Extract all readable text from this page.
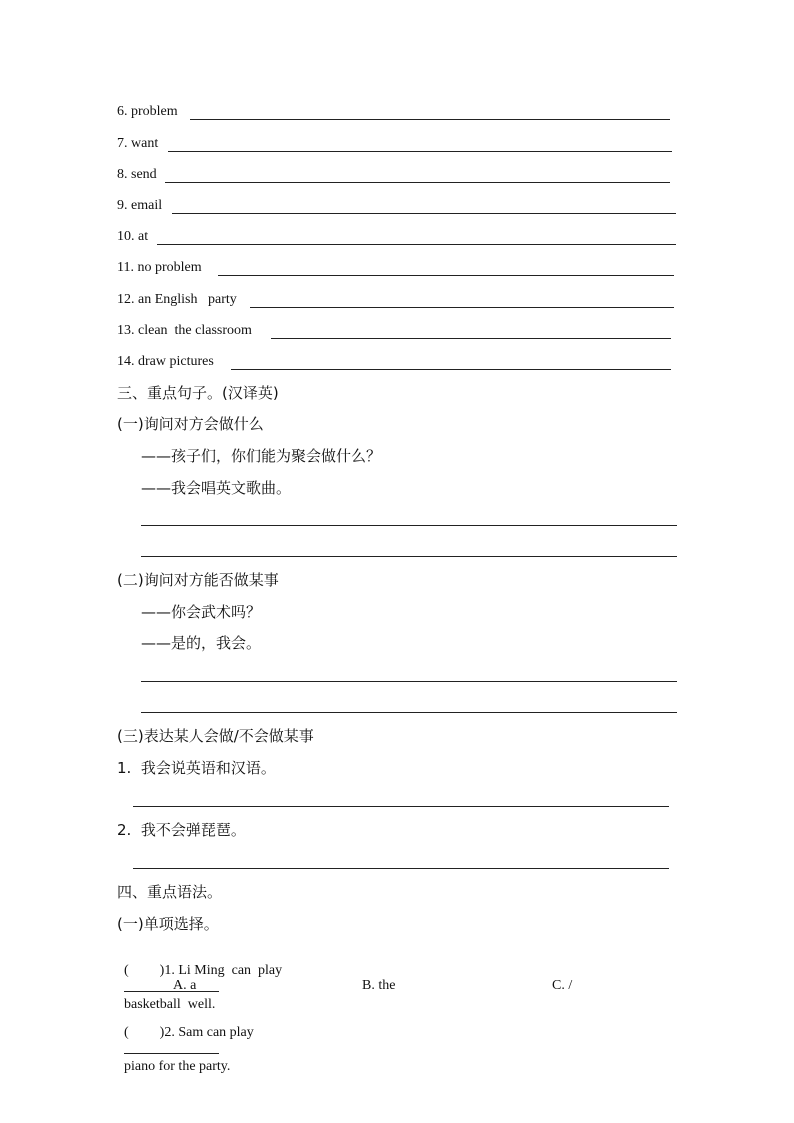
6. problem
7. want
8. send
9. email
10. at
11. no problem
12. an English   party
13. clean  the classroom
14. draw pictures
三、重点句子。(汉译英)
(一)询问对方会做什么
——孩子们，你们能为聚会做什么？
——我会唱英文歌曲。
(二)询问对方能否做某事
——你会武术吗？
——是的，我会。
(三)表达某人会做/不会做某事
1.  我会说英语和汉语。
2.  我不会弹琵琶。
四、重点语法。
(一)单项选择。

( )1. Li Ming  can  play

basketball  well.

A. a	B. the	C. /

( )2. Sam can play

piano for the party.
